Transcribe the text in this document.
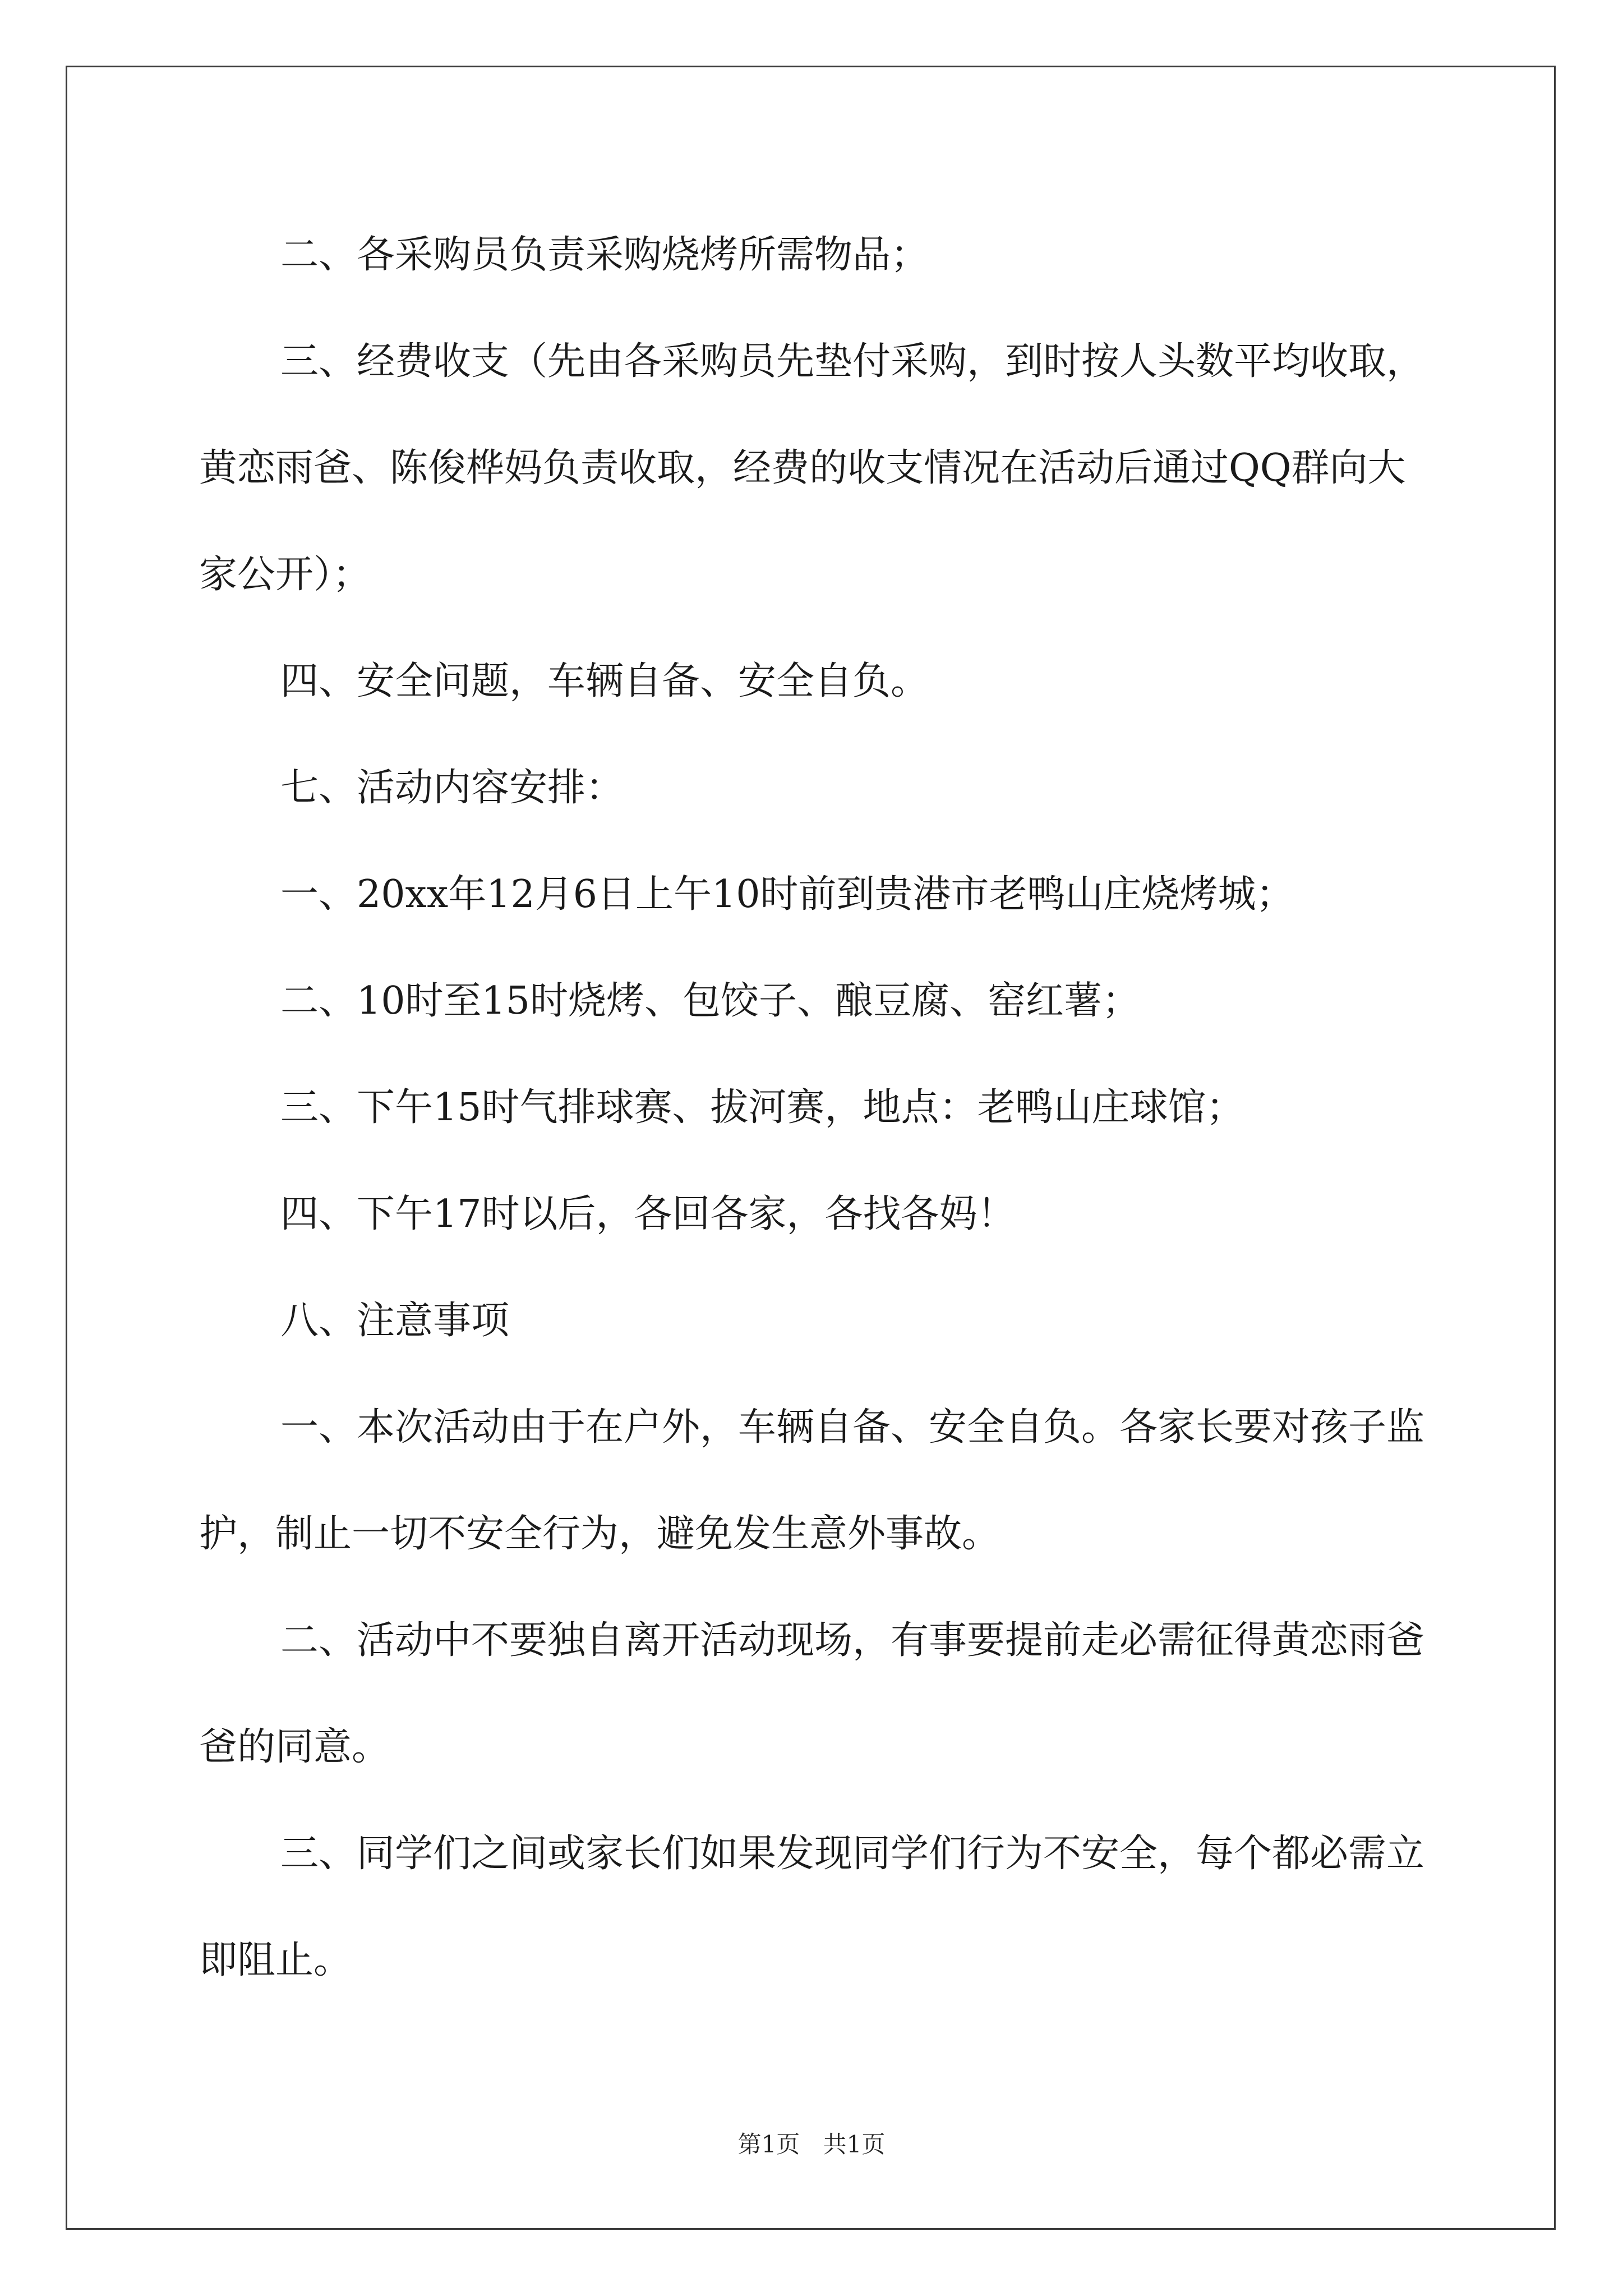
二、各采购员负责采购烧烤所需物品；

三、经费收支（先由各采购员先垫付采购，到时按人头数平均收取，黄恋雨爸、陈俊桦妈负责收取，经费的收支情况在活动后通过QQ群向大家公开）；

四、安全问题，车辆自备、安全自负。

七、活动内容安排：

一、20xx年12月6日上午10时前到贵港市老鸭山庄烧烤城；

二、10时至15时烧烤、包饺子、酿豆腐、窑红薯；

三、下午15时气排球赛、拔河赛，地点：老鸭山庄球馆；

四、下午17时以后，各回各家，各找各妈！

八、注意事项

一、本次活动由于在户外，车辆自备、安全自负。各家长要对孩子监护，制止一切不安全行为，避免发生意外事故。

二、活动中不要独自离开活动现场，有事要提前走必需征得黄恋雨爸爸的同意。

三、同学们之间或家长们如果发现同学们行为不安全，每个都必需立即阻止。

第1页 共1页
